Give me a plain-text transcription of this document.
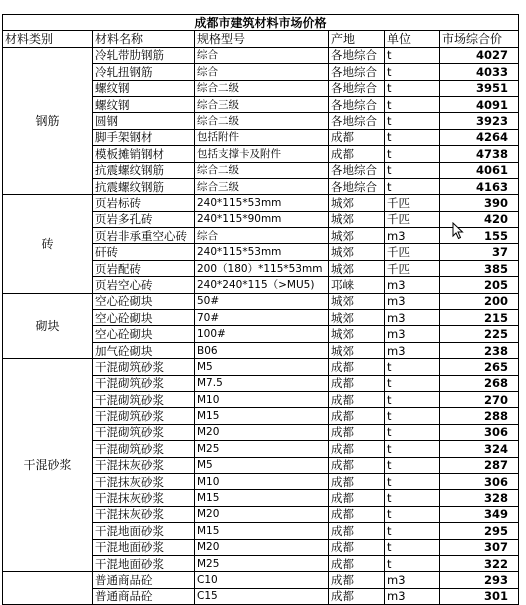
成都市建筑材料市场价格					
材料类别	材料名称	规格型号	产地	单位	市场综合价
钢筋	冷轧带肋钢筋	综合	各地综合	t	4027
	冷轧扭钢筋	综合	各地综合	t	4033
	螺纹钢	综合二级	各地综合	t	3951
	螺纹钢	综合三级	各地综合	t	4091
	圆钢	综合二级	各地综合	t	3923
	脚手架钢材	包括附件	成都	t	4264
	模板摊销钢材	包括支撑卡及附件	成都	t	4738
	抗震螺纹钢筋	综合二级	各地综合	t	4061
	抗震螺纹钢筋	综合三级	各地综合	t	4163
砖	页岩标砖	240*115*53mm	城郊	千匹	390
	页岩多孔砖	240*115*90mm	城郊	千匹	420
	页岩非承重空心砖	综合	城郊	m3	155
	矸砖	240*115*53mm	城郊	千匹	37
	页岩配砖	200（180）*115*53mm	城郊	千匹	385
	页岩空心砖	240*240*115（>MU5)	邛崃	m3	205
砌块	空心砼砌块	50#	城郊	m3	200
	空心砼砌块	70#	城郊	m3	215
	空心砼砌块	100#	城郊	m3	225
	加气砼砌块	B06	城郊	m3	238
干混砂浆	干混砌筑砂浆	M5	成都	t	265
	干混砌筑砂浆	M7.5	成都	t	268
	干混砌筑砂浆	M10	成都	t	270
	干混砌筑砂浆	M15	成都	t	288
	干混砌筑砂浆	M20	成都	t	306
	干混砌筑砂浆	M25	成都	t	324
	干混抹灰砂浆	M5	成都	t	287
	干混抹灰砂浆	M10	成都	t	306
	干混抹灰砂浆	M15	成都	t	328
	干混抹灰砂浆	M20	成都	t	349
	干混地面砂浆	M15	成都	t	295
	干混地面砂浆	M20	成都	t	307
	干混地面砂浆	M25	成都	t	322
	普通商品砼	C10	成都	m3	293
	普通商品砼	C15	成都	m3	301
